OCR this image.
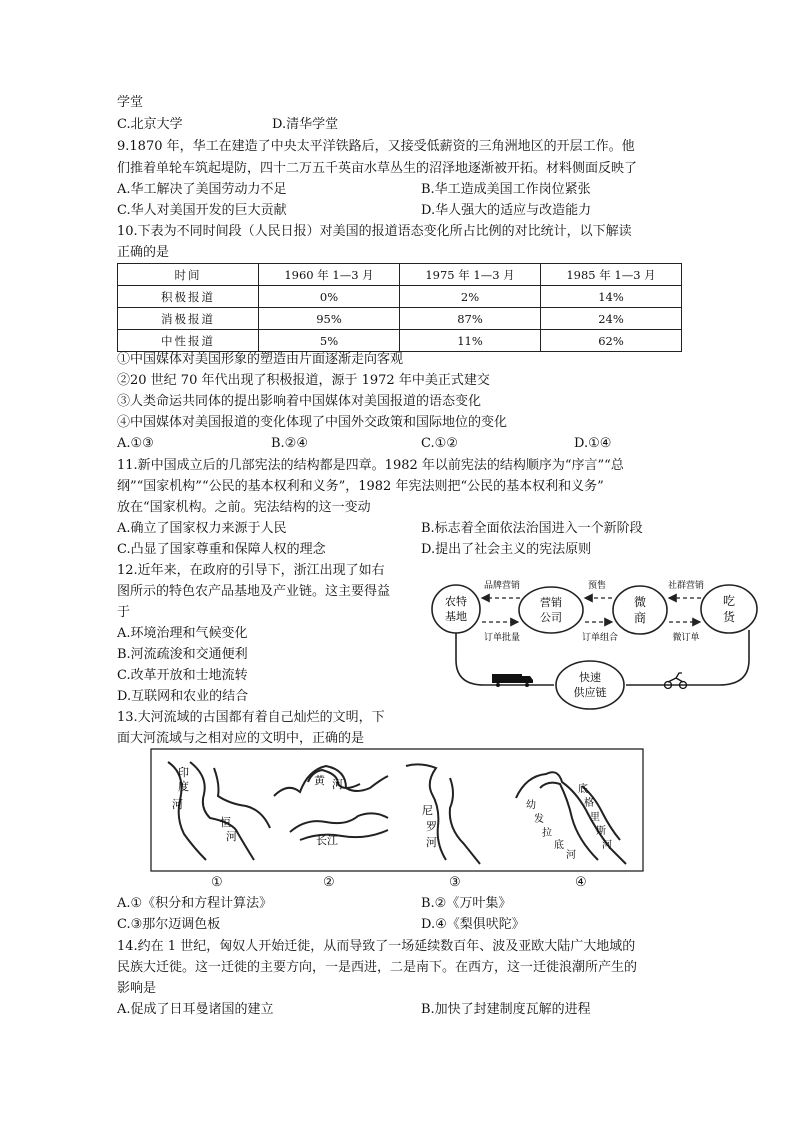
学堂
C.北京大学	D.清华学堂
9.1870 年，华工在建造了中央太平洋铁路后，又接受低薪资的三角洲地区的开层工作。他
们推着单轮车筑起堤防，四十二万五千英亩水草丛生的沼泽地逐渐被开拓。材料侧面反映了
A.华工解决了美国劳动力不足	B.华工造成美国工作岗位紧张
C.华人对美国开发的巨大贡献	D.华人强大的适应与改造能力
10.下表为不同时间段（人民日报）对美国的报道语态变化所占比例的对比统计，以下解读
正确的是
时间	1960 年 1—3 月	1975 年 1—3 月	1985 年 1—3 月
积极报道	0%	2%	14%
消极报道	95%	87%	24%
中性报道	5%	11%	62%
①中国媒体对美国形象的塑造由片面逐渐走向客观
②20 世纪 70 年代出现了积极报道，源于 1972 年中美正式建交
③人类命运共同体的提出影响着中国媒体对美国报道的语态变化
④中国媒体对美国报道的变化体现了中国外交政策和国际地位的变化
A.①③	B.②④	C.①②	D.①④
11.新中国成立后的几部宪法的结构都是四章。1982 年以前宪法的结构顺序为“序言”“总
纲”“国家机构”“公民的基本权利和义务”，1982 年宪法则把“公民的基本权利和义务”
放在“国家机构。之前。宪法结构的这一变动
A.确立了国家权力来源于人民	B.标志着全面依法治国进入一个新阶段
C.凸显了国家尊重和保障人权的理念	D.提出了社会主义的宪法原则
12.近年来，在政府的引导下，浙江出现了如右
图所示的特色农产品基地及产业链。这主要得益
于
A.环境治理和气候变化
B.河流疏浚和交通便利
C.改革开放和士地流转
D.互联网和农业的结合
农特
基地
营销
公司
微
商
吃
货
快速
供应链
品牌营销	预售	社群营销
订单批量	订单组合	微订单
13.大河流域的古国都有着自己灿烂的文明，下
面大河流域与之相对应的文明中，正确的是
印
度
河
恒
河
黄 河
长江
尼
罗
河
底
格
里
斯
河
幼
发
拉
底
河
①	②	③	④
A.①《积分和方程计算法》	B.②《万叶集》
C.③那尔迈调色板	D.④《梨俱吠陀》
14.约在 1 世纪，匈奴人开始迁徙，从而导致了一场延续数百年、波及亚欧大陆广大地域的
民族大迁徙。这一迁徙的主要方向，一是西进，二是南下。在西方，这一迁徙浪潮所产生的
影响是
A.促成了日耳曼诸国的建立	B.加快了封建制度瓦解的进程
